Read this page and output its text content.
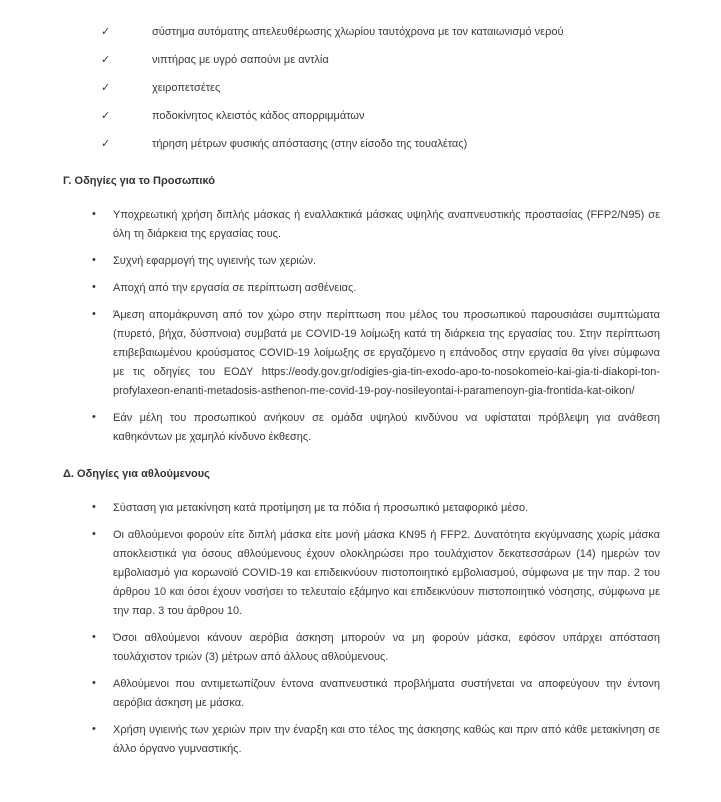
✓	σύστημα αυτόματης απελευθέρωσης χλωρίου ταυτόχρονα με τον καταιωνισμό νερού
✓	νιπτήρας με υγρό σαπούνι με αντλία
✓	χειροπετσέτες
✓	ποδοκίνητος κλειστός κάδος απορριμμάτων
✓	τήρηση μέτρων φυσικής απόστασης (στην είσοδο της τουαλέτας)
Γ. Οδηγίες για το Προσωπικό
• Υποχρεωτική χρήση διπλής μάσκας ή εναλλακτικά μάσκας υψηλής αναπνευστικής προστασίας (FFP2/N95) σε όλη τη διάρκεια της εργασίας τους.
• Συχνή εφαρμογή της υγιεινής των χεριών.
• Αποχή από την εργασία σε περίπτωση ασθένειας.
• Άμεση απομάκρυνση από τον χώρο στην περίπτωση που μέλος του προσωπικού παρουσιάσει συμπτώματα (πυρετό, βήχα, δύσπνοια) συμβατά με COVID-19 λοίμωξη κατά τη διάρκεια της εργασίας του. Στην περίπτωση επιβεβαιωμένου κρούσματος COVID-19 λοίμωξης σε εργαζόμενο η επάνοδος στην εργασία θα γίνει σύμφωνα με τις οδηγίες του ΕΟΔΥ https://eody.gov.gr/odigies-gia-tin-exodo-apo-to-nosokomeio-kai-gia-ti-diakopi-ton-profylaxeon-enanti-metadosis-asthenon-me-covid-19-poy-nosileyontai-i-paramenoyn-gia-frontida-kat-oikon/
• Εάν μέλη του προσωπικού ανήκουν σε ομάδα υψηλού κινδύνου να υφίσταται πρόβλεψη για ανάθεση καθηκόντων με χαμηλό κίνδυνο έκθεσης.
Δ. Οδηγίες για αθλούμενους
• Σύσταση για μετακίνηση κατά προτίμηση με τα πόδια ή προσωπικό μεταφορικό μέσο.
• Οι αθλούμενοι φορούν είτε διπλή μάσκα είτε μονή μάσκα KN95 ή FFP2. Δυνατότητα εκγύμνασης χωρίς μάσκα αποκλειστικά για όσους αθλούμενους έχουν ολοκληρώσει προ τουλάχιστον δεκατεσσάρων (14) ημερών τον εμβολιασμό για κορωνοϊό COVID-19 και επιδεικνύουν πιστοποιητικό εμβολιασμού, σύμφωνα με την παρ. 2 του άρθρου 10 και όσοι έχουν νοσήσει το τελευταίο εξάμηνο και επιδεικνύουν πιστοποιητικό νόσησης, σύμφωνα με την παρ. 3 του άρθρου 10.
• Όσοι αθλούμενοι κάνουν αερόβια άσκηση μπορούν να μη φορούν μάσκα, εφόσον υπάρχει απόσταση τουλάχιστον τριών (3) μέτρων από άλλους αθλούμενους.
• Αθλούμενοι που αντιμετωπίζουν έντονα αναπνευστικά προβλήματα συστήνεται να αποφεύγουν την έντονη αερόβια άσκηση με μάσκα.
• Χρήση υγιεινής των χεριών πριν την έναρξη και στο τέλος της άσκησης καθώς και πριν από κάθε μετακίνηση σε άλλο όργανο γυμναστικής.
